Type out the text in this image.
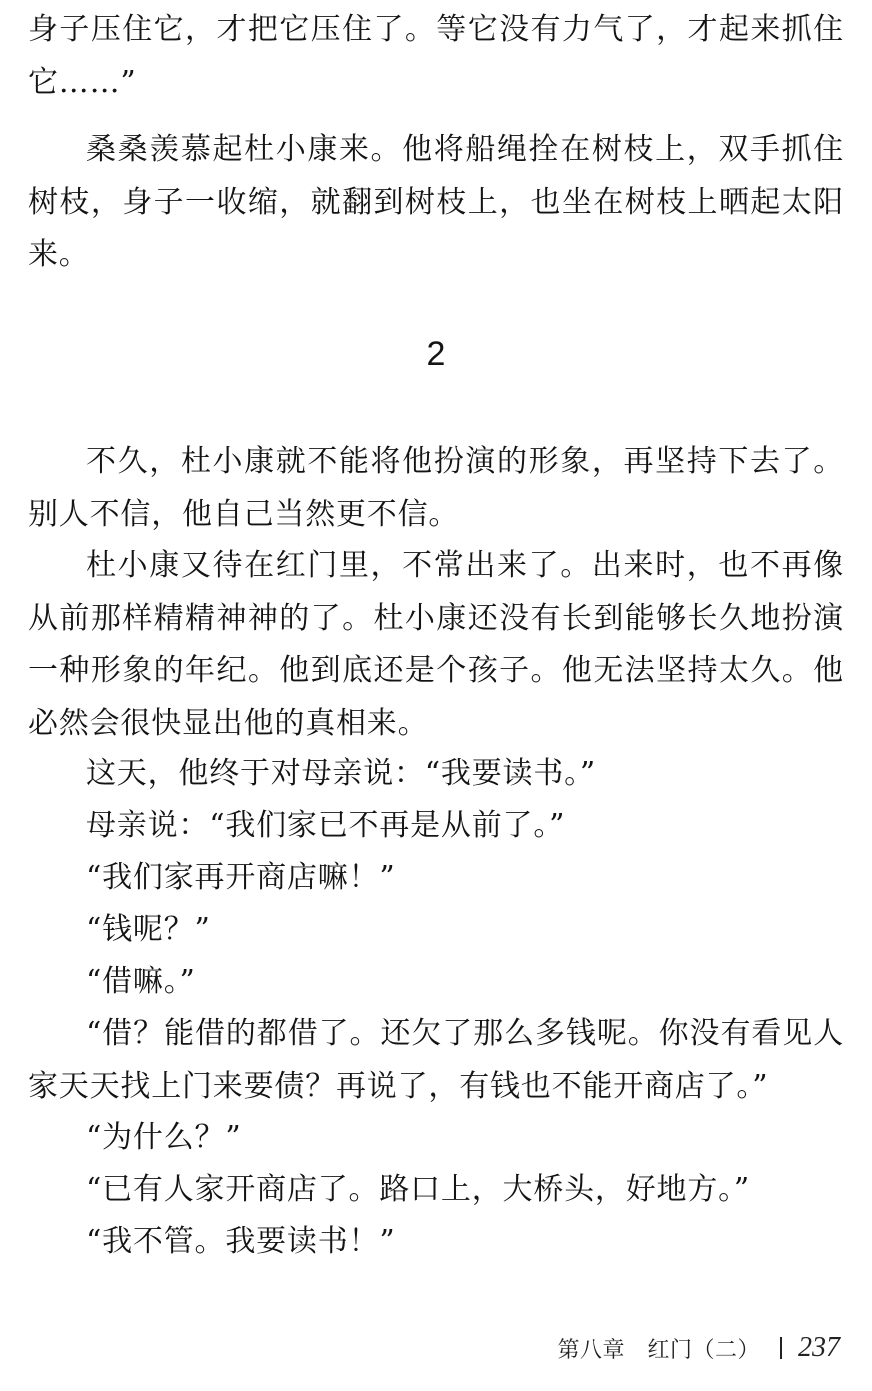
身子压住它，才把它压住了。等它没有力气了，才起来抓住它……”

桑桑羡慕起杜小康来。他将船绳拴在树枝上，双手抓住树枝，身子一收缩，就翻到树枝上，也坐在树枝上晒起太阳来。

2

不久，杜小康就不能将他扮演的形象，再坚持下去了。别人不信，他自己当然更不信。

杜小康又待在红门里，不常出来了。出来时，也不再像从前那样精精神神的了。杜小康还没有长到能够长久地扮演一种形象的年纪。他到底还是个孩子。他无法坚持太久。他必然会很快显出他的真相来。

这天，他终于对母亲说：“我要读书。”

母亲说：“我们家已不再是从前了。”

“我们家再开商店嘛！”

“钱呢？”

“借嘛。”

“借？能借的都借了。还欠了那么多钱呢。你没有看见人家天天找上门来要债？再说了，有钱也不能开商店了。”

“为什么？”

“已有人家开商店了。路口上，大桥头，好地方。”

“我不管。我要读书！”

第八章　红门（二） 237
